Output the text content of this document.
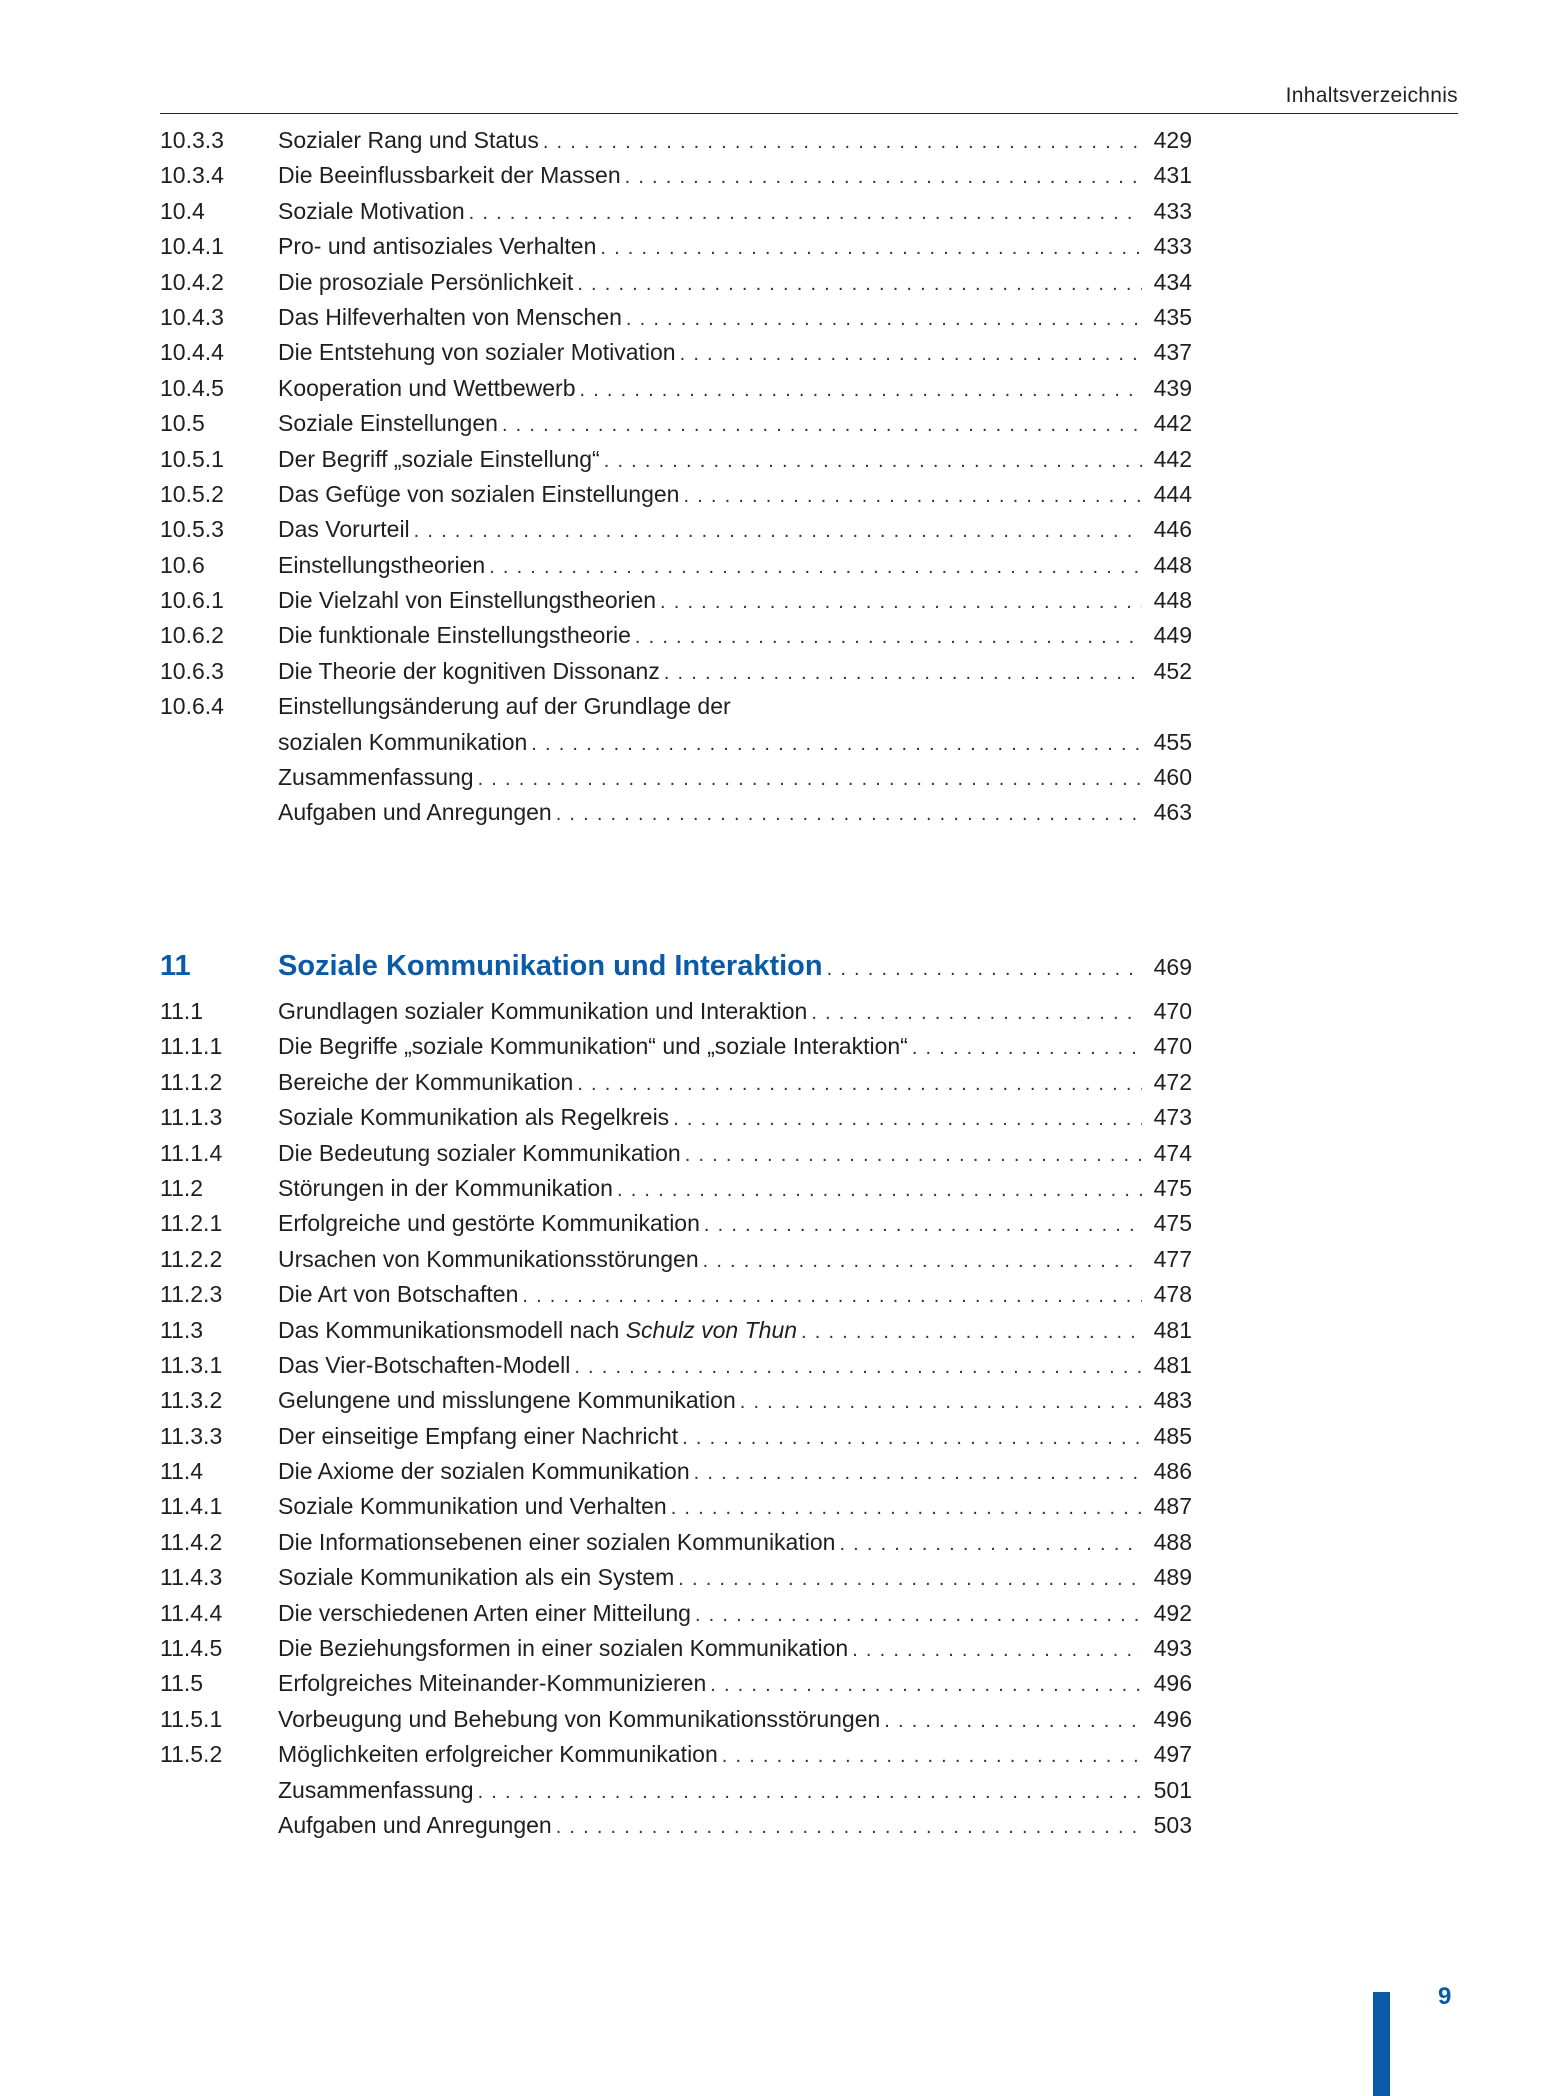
Inhaltsverzeichnis
10.3.3	Sozialer Rang und Status . . .	429
10.3.4	Die Beeinflussbarkeit der Massen . . .	431
10.4	Soziale Motivation . . .	433
10.4.1	Pro- und antisoziales Verhalten . . .	433
10.4.2	Die prosoziale Persönlichkeit . . .	434
10.4.3	Das Hilfeverhalten von Menschen . . .	435
10.4.4	Die Entstehung von sozialer Motivation . . .	437
10.4.5	Kooperation und Wettbewerb . . .	439
10.5	Soziale Einstellungen . . .	442
10.5.1	Der Begriff „soziale Einstellung“ . . .	442
10.5.2	Das Gefüge von sozialen Einstellungen . . .	444
10.5.3	Das Vorurteil . . .	446
10.6	Einstellungstheorien . . .	448
10.6.1	Die Vielzahl von Einstellungstheorien . . .	448
10.6.2	Die funktionale Einstellungstheorie . . .	449
10.6.3	Die Theorie der kognitiven Dissonanz . . .	452
10.6.4	Einstellungsänderung auf der Grundlage der
sozialen Kommunikation . . .	455
Zusammenfassung . . .	460
Aufgaben und Anregungen . . .	463
11	Soziale Kommunikation und Interaktion . . .	469
11.1	Grundlagen sozialer Kommunikation und Interaktion . . .	470
11.1.1	Die Begriffe „soziale Kommunikation“ und „soziale Interaktion“ . . .	470
11.1.2	Bereiche der Kommunikation . . .	472
11.1.3	Soziale Kommunikation als Regelkreis . . .	473
11.1.4	Die Bedeutung sozialer Kommunikation . . .	474
11.2	Störungen in der Kommunikation . . .	475
11.2.1	Erfolgreiche und gestörte Kommunikation . . .	475
11.2.2	Ursachen von Kommunikationsstörungen . . .	477
11.2.3	Die Art von Botschaften . . .	478
11.3	Das Kommunikationsmodell nach Schulz von Thun . . .	481
11.3.1	Das Vier-Botschaften-Modell . . .	481
11.3.2	Gelungene und misslungene Kommunikation . . .	483
11.3.3	Der einseitige Empfang einer Nachricht . . .	485
11.4	Die Axiome der sozialen Kommunikation . . .	486
11.4.1	Soziale Kommunikation und Verhalten . . .	487
11.4.2	Die Informationsebenen einer sozialen Kommunikation . . .	488
11.4.3	Soziale Kommunikation als ein System . . .	489
11.4.4	Die verschiedenen Arten einer Mitteilung . . .	492
11.4.5	Die Beziehungsformen in einer sozialen Kommunikation . . .	493
11.5	Erfolgreiches Miteinander-Kommunizieren . . .	496
11.5.1	Vorbeugung und Behebung von Kommunikationsstörungen . . .	496
11.5.2	Möglichkeiten erfolgreicher Kommunikation . . .	497
Zusammenfassung . . .	501
Aufgaben und Anregungen . . .	503
9
